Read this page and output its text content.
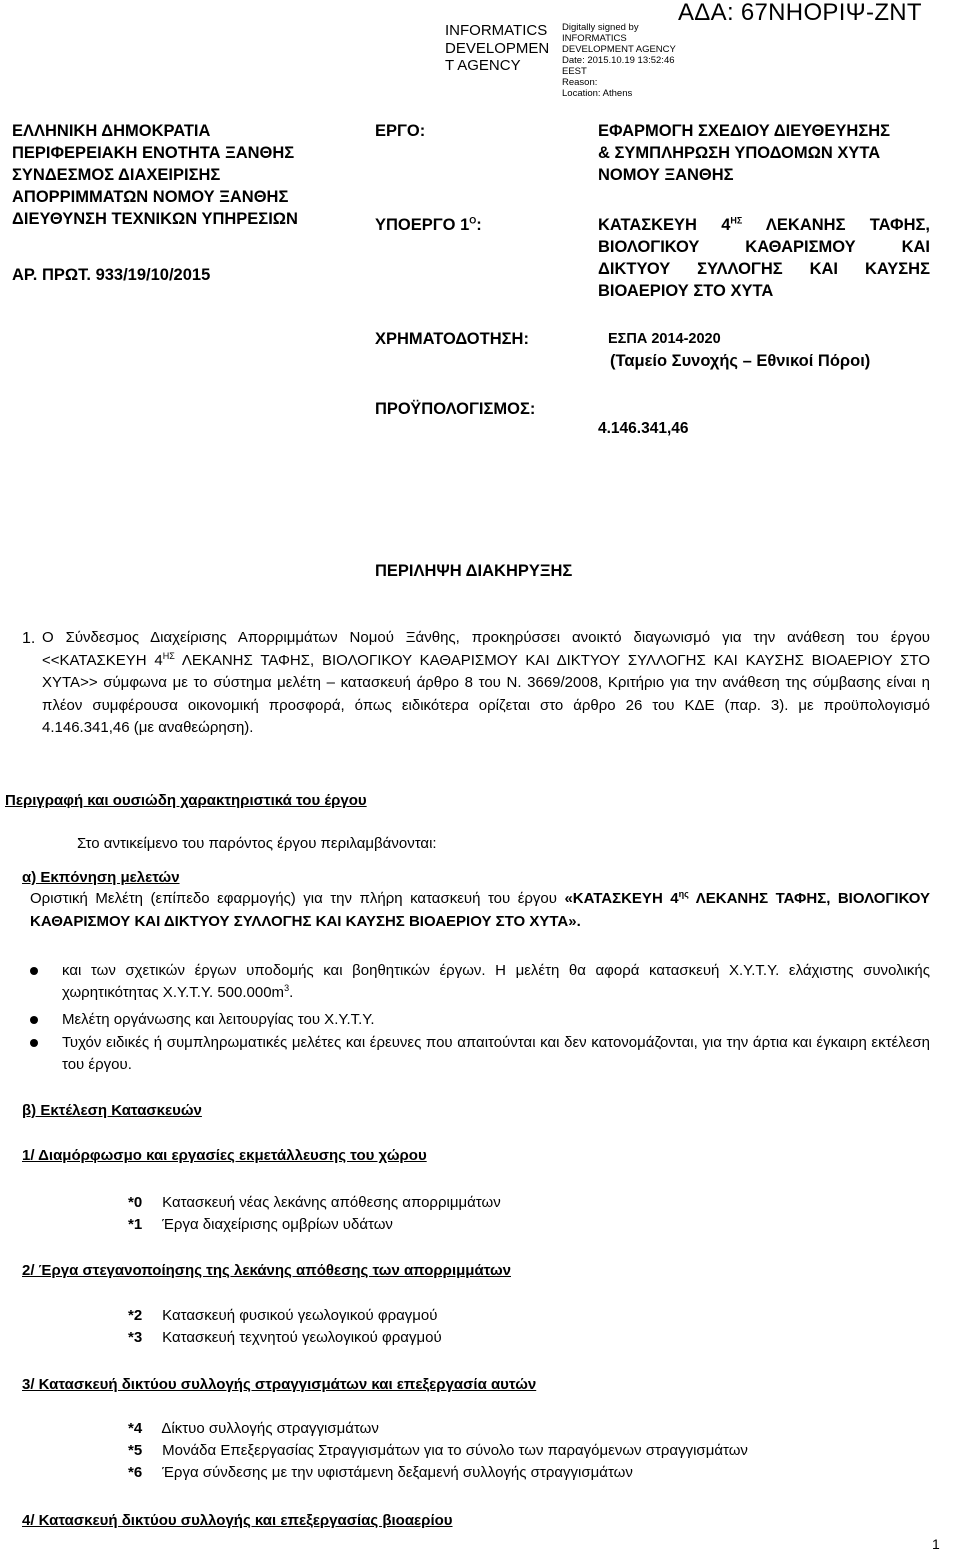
INFORMATICS DEVELOPMEN T AGENCY
Digitally signed by INFORMATICS DEVELOPMENT AGENCY
Date: 2015.10.19 13:52:46 EEST
Reason:
Location: Athens
ΑΔΑ: 67ΝΗΟΡΙΨ-ΖΝΤ
ΕΛΛΗΝΙΚΗ ΔΗΜΟΚΡΑΤΙΑ
ΠΕΡΙΦΕΡΕΙΑΚΗ ΕΝΟΤΗΤΑ ΞΑΝΘΗΣ
ΣΥΝΔΕΣΜΟΣ ΔΙΑΧΕΙΡΙΣΗΣ
ΑΠΟΡΡΙΜΜΑΤΩΝ ΝΟΜΟΥ ΞΑΝΘΗΣ
ΔΙΕΥΘΥΝΣΗ ΤΕΧΝΙΚΩΝ ΥΠΗΡΕΣΙΩΝ
ΑΡ. ΠΡΩΤ. 933/19/10/2015
ΕΡΓΟ:	ΕΦΑΡΜΟΓΗ ΣΧΕΔΙΟΥ ΔΙΕΥΘΕΥΗΣΗΣ
& ΣΥΜΠΛΗΡΩΣΗ ΥΠΟΔΟΜΩΝ ΧΥΤΑ
ΝΟΜΟΥ ΞΑΝΘΗΣ
ΥΠΟΕΡΓΟ $1^O$:	ΚΑΤΑΣΚΕΥΗ $4^{H\Sigma}$ ΛΕΚΑΝΗΣ ΤΑΦΗΣ,
ΒΙΟΛΟΓΙΚΟΥ ΚΑΘΑΡΙΣΜΟΥ ΚΑΙ
ΔΙΚΤΥΟΥ ΣΥΛΛΟΓΗΣ ΚΑΙ ΚΑΥΣΗΣ
ΒΙΟΑΕΡΙΟΥ ΣΤΟ ΧΥΤΑ
ΧΡΗΜΑΤΟΔΟΤΗΣΗ:	ΕΣΠΑ 2014-2020
(Ταμείο Συνοχής – Εθνικοί Πόροι)
ΠΡΟΫΠΟΛΟΓΙΣΜΟΣ:
4.146.341,46
ΠΕΡΙΛΗΨΗ ΔΙΑΚΗΡΥΞΗΣ
1. Ο Σύνδεσμος Διαχείρισης Απορριμμάτων Νομού Ξάνθης, προκηρύσσει ανοικτό διαγωνισμό για την ανάθεση του έργου <<ΚΑΤΑΣΚΕΥΗ $4^{H\Sigma}$ ΛΕΚΑΝΗΣ ΤΑΦΗΣ, ΒΙΟΛΟΓΙΚΟΥ ΚΑΘΑΡΙΣΜΟΥ ΚΑΙ ΔΙΚΤΥΟΥ ΣΥΛΛΟΓΗΣ ΚΑΙ ΚΑΥΣΗΣ ΒΙΟΑΕΡΙΟΥ ΣΤΟ ΧΥΤΑ>> σύμφωνα με το σύστημα μελέτη – κατασκευή άρθρο 8 του Ν. 3669/2008, Κριτήριο για την ανάθεση της σύμβασης είναι η πλέον συμφέρουσα οικονομική προσφορά, όπως ειδικότερα ορίζεται στο άρθρο 26 του ΚΔΕ (παρ. 3). με προϋπολογισμό 4.146.341,46 (με αναθεώρηση).
Περιγραφή και ουσιώδη χαρακτηριστικά του έργου
Στο αντικείμενο του παρόντος έργου περιλαμβάνονται:
α) Εκπόνηση μελετών
Οριστική Μελέτη (επίπεδο εφαρμογής) για την πλήρη κατασκευή του έργου «ΚΑΤΑΣΚΕΥΗ $4^{\eta\varsigma}$ ΛΕΚΑΝΗΣ ΤΑΦΗΣ, ΒΙΟΛΟΓΙΚΟΥ ΚΑΘΑΡΙΣΜΟΥ ΚΑΙ ΔΙΚΤΥΟΥ ΣΥΛΛΟΓΗΣ ΚΑΙ ΚΑΥΣΗΣ ΒΙΟΑΕΡΙΟΥ ΣΤΟ ΧΥΤΑ».
και των σχετικών έργων υποδομής και βοηθητικών έργων. Η μελέτη θα αφορά κατασκευή Χ.Υ.Τ.Υ. ελάχιστης συνολικής χωρητικότητας Χ.Υ.Τ.Υ. $500.000m^3$.
Μελέτη οργάνωσης και λειτουργίας του Χ.Υ.Τ.Υ.
Τυχόν ειδικές ή συμπληρωματικές μελέτες και έρευνες που απαιτούνται και δεν κατονομάζονται, για την άρτια και έγκαιρη εκτέλεση του έργου.
β) Εκτέλεση Κατασκευών
1/ Διαμόρφωσμο και εργασίες εκμετάλλευσης του χώρου
*0 Κατασκευή νέας λεκάνης απόθεσης απορριμμάτων
*1 Έργα διαχείρισης ομβρίων υδάτων
2/ Έργα στεγανοποίησης της λεκάνης απόθεσης των απορριμμάτων
*2 Κατασκευή φυσικού γεωλογικού φραγμού
*3 Κατασκευή τεχνητού γεωλογικού φραγμού
3/ Κατασκευή δικτύου συλλογής στραγγισμάτων και επεξεργασία αυτών
*4 Δίκτυο συλλογής στραγγισμάτων
*5 Μονάδα Επεξεργασίας Στραγγισμάτων για το σύνολο των παραγόμενων στραγγισμάτων
*6 Έργα σύνδεσης με την υφιστάμενη δεξαμενή συλλογής στραγγισμάτων
4/ Κατασκευή δικτύου συλλογής και επεξεργασίας βιοαερίου
1
